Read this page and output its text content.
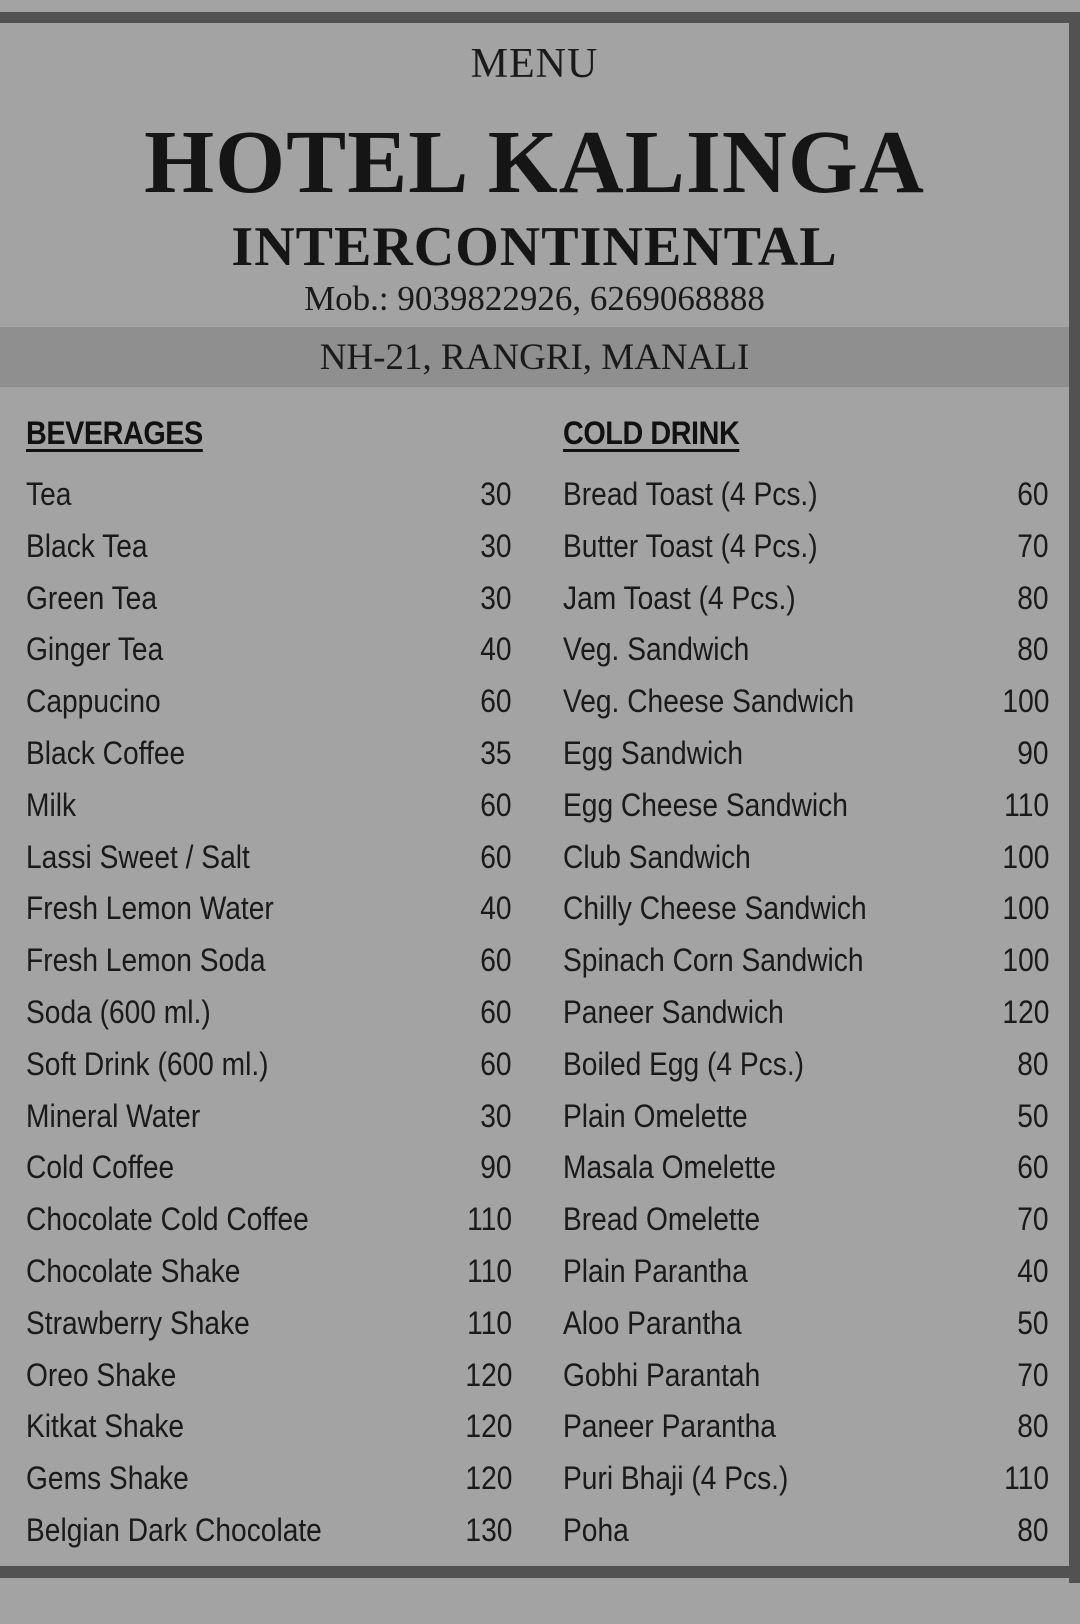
MENU
HOTEL KALINGA
INTERCONTINENTAL
Mob.: 9039822926, 6269068888
NH-21, RANGRI, MANALI
BEVERAGES
Tea	30
Black Tea	30
Green Tea	30
Ginger Tea	40
Cappucino	60
Black Coffee	35
Milk	60
Lassi Sweet / Salt	60
Fresh Lemon Water	40
Fresh Lemon Soda	60
Soda (600 ml.)	60
Soft Drink (600 ml.)	60
Mineral Water	30
Cold Coffee	90
Chocolate Cold Coffee	110
Chocolate Shake	110
Strawberry Shake	110
Oreo Shake	120
Kitkat Shake	120
Gems Shake	120
Belgian Dark Chocolate	130
COLD DRINK
Bread Toast (4 Pcs.)	60
Butter Toast (4 Pcs.)	70
Jam Toast (4 Pcs.)	80
Veg. Sandwich	80
Veg. Cheese Sandwich	100
Egg Sandwich	90
Egg Cheese Sandwich	110
Club Sandwich	100
Chilly Cheese Sandwich	100
Spinach Corn Sandwich	100
Paneer Sandwich	120
Boiled Egg (4 Pcs.)	80
Plain Omelette	50
Masala Omelette	60
Bread Omelette	70
Plain Parantha	40
Aloo Parantha	50
Gobhi Parantah	70
Paneer Parantha	80
Puri Bhaji (4 Pcs.)	110
Poha	80
